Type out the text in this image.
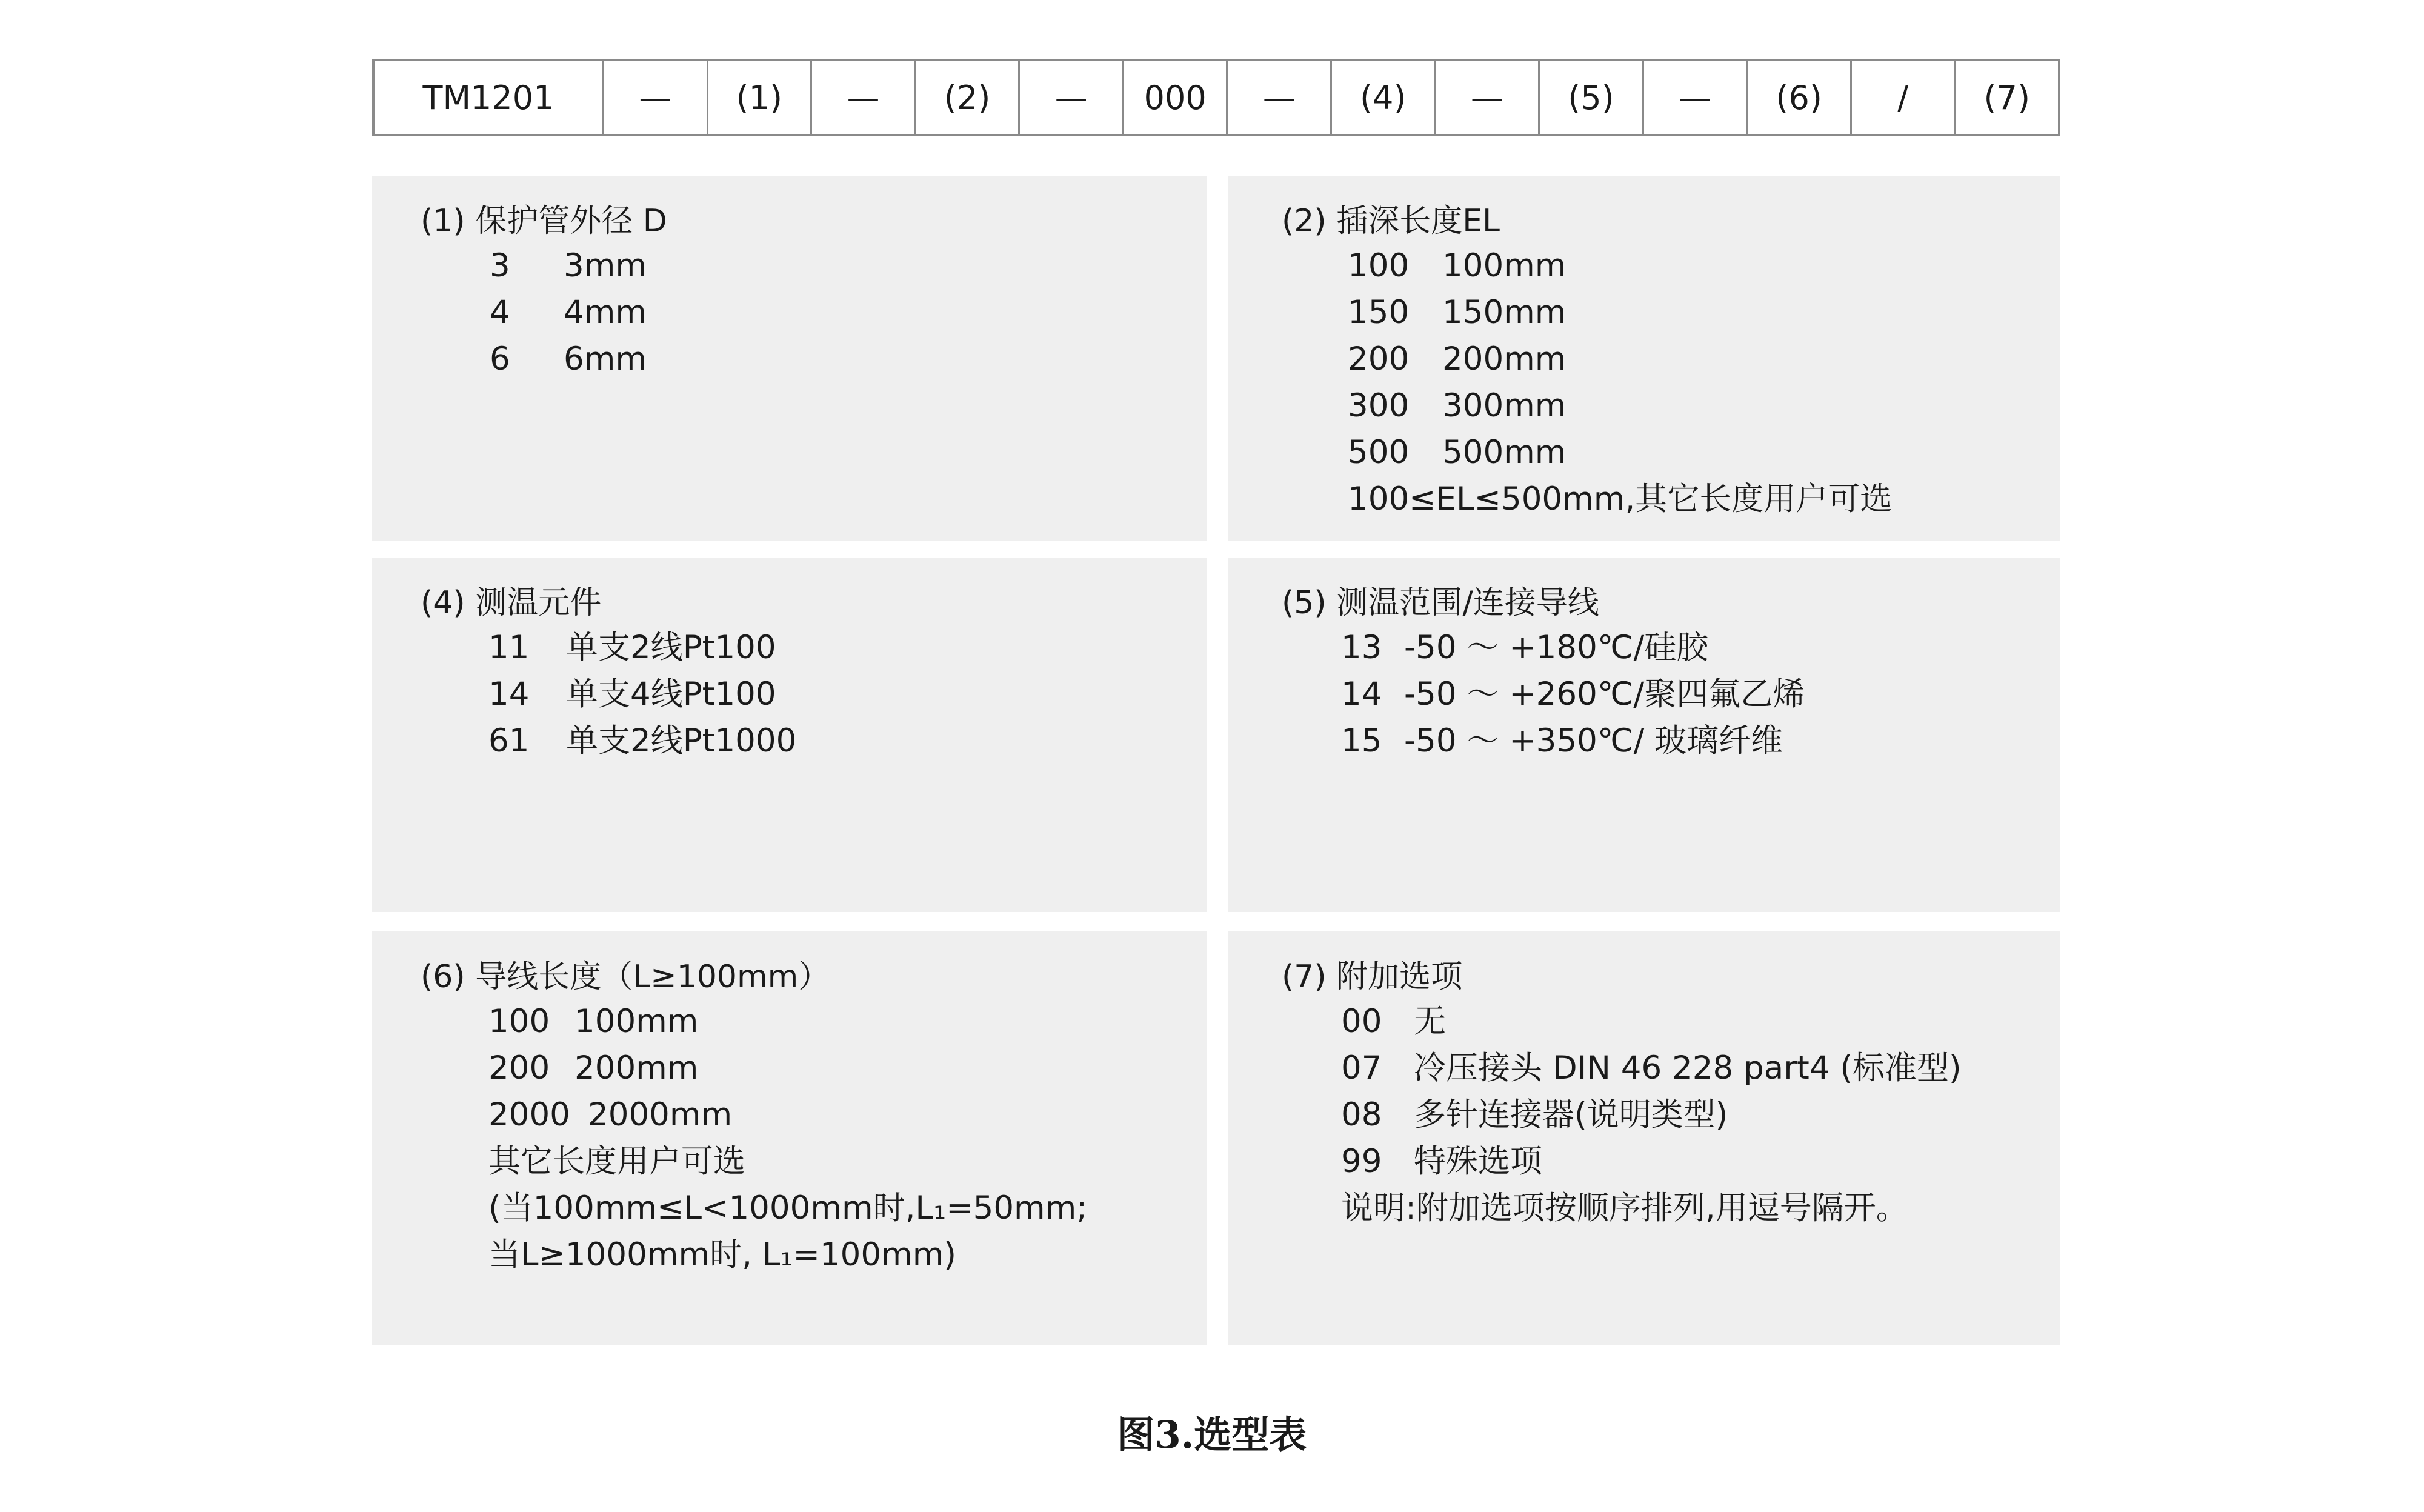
TM1201	—	(1)	—	(2)	—	000	—	(4)	—	(5)	—	(6)	/	(7)
(1) 保护管外径 D
3 3mm
4 4mm
6 6mm
(2) 插深长度EL
100 100mm
150 150mm
200 200mm
300 300mm
500 500mm
100≤EL≤500mm,其它长度用户可选
(4) 测温元件
11 单支2线Pt100
14 单支4线Pt100
61 单支2线Pt1000
(5) 测温范围/连接导线
13 -50 ～ +180℃/硅胶
14 -50 ～ +260℃/聚四氟乙烯
15 -50 ～ +350℃/ 玻璃纤维
(6) 导线长度（L≥100mm）
100 100mm
200 200mm
2000 2000mm
其它长度用户可选
(当100mm≤L<1000mm时,L₁=50mm;
当L≥1000mm时, L₁=100mm)
(7) 附加选项
00 无
07 冷压接头 DIN 46 228 part4 (标准型)
08 多针连接器(说明类型)
99 特殊选项
说明:附加选项按顺序排列,用逗号隔开。
图3.选型表
